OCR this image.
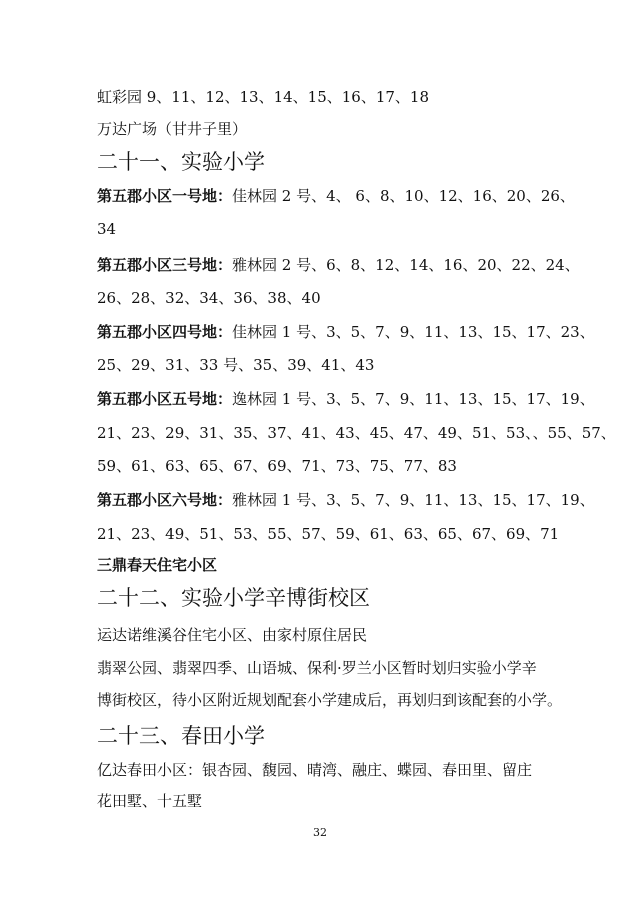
虹彩园 9、11、12、13、14、15、16、17、18
万达广场（甘井子里）
二十一、实验小学
第五郡小区一号地：佳林园 2 号、4、 6、8、10、12、16、20、26、
34
第五郡小区三号地：雅林园 2 号、6、8、12、14、16、20、22、24、
26、28、32、34、36、38、40
第五郡小区四号地：佳林园 1 号、3、5、7、9、11、13、15、17、23、
25、29、31、33 号、35、39、41、43
第五郡小区五号地：逸林园 1 号、3、5、7、9、11、13、15、17、19、
21、23、29、31、35、37、41、43、45、47、49、51、53、、55、57、
59、61、63、65、67、69、71、73、75、77、83
第五郡小区六号地：雅林园 1 号、3、5、7、9、11、13、15、17、19、
21、23、49、51、53、55、57、59、61、63、65、67、69、71
三鼎春天住宅小区
二十二、实验小学辛博街校区
运达诺维溪谷住宅小区、由家村原住居民
翡翠公园、翡翠四季、山语城、保利·罗兰小区暂时划归实验小学辛
博街校区，待小区附近规划配套小学建成后，再划归到该配套的小学。
二十三、春田小学
亿达春田小区：银杏园、馥园、晴湾、融庄、蝶园、春田里、留庄
花田墅、十五墅
32
